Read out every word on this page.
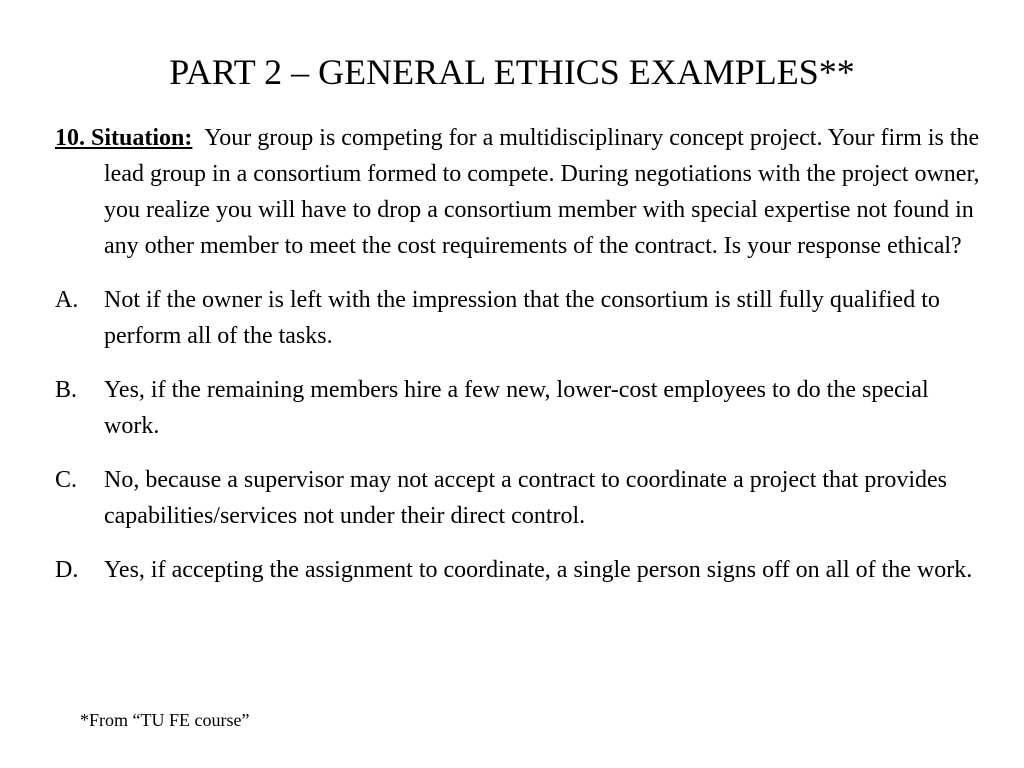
PART 2 – GENERAL ETHICS EXAMPLES**

10. Situation: Your group is competing for a multidisciplinary concept project. Your firm is the lead group in a consortium formed to compete. During negotiations with the project owner, you realize you will have to drop a consortium member with special expertise not found in any other member to meet the cost requirements of the contract. Is your response ethical?

A. Not if the owner is left with the impression that the consortium is still fully qualified to perform all of the tasks.

B. Yes, if the remaining members hire a few new, lower-cost employees to do the special work.

C. No, because a supervisor may not accept a contract to coordinate a project that provides capabilities/services not under their direct control.

D. Yes, if accepting the assignment to coordinate, a single person signs off on all of the work.

*From “TU FE course”
